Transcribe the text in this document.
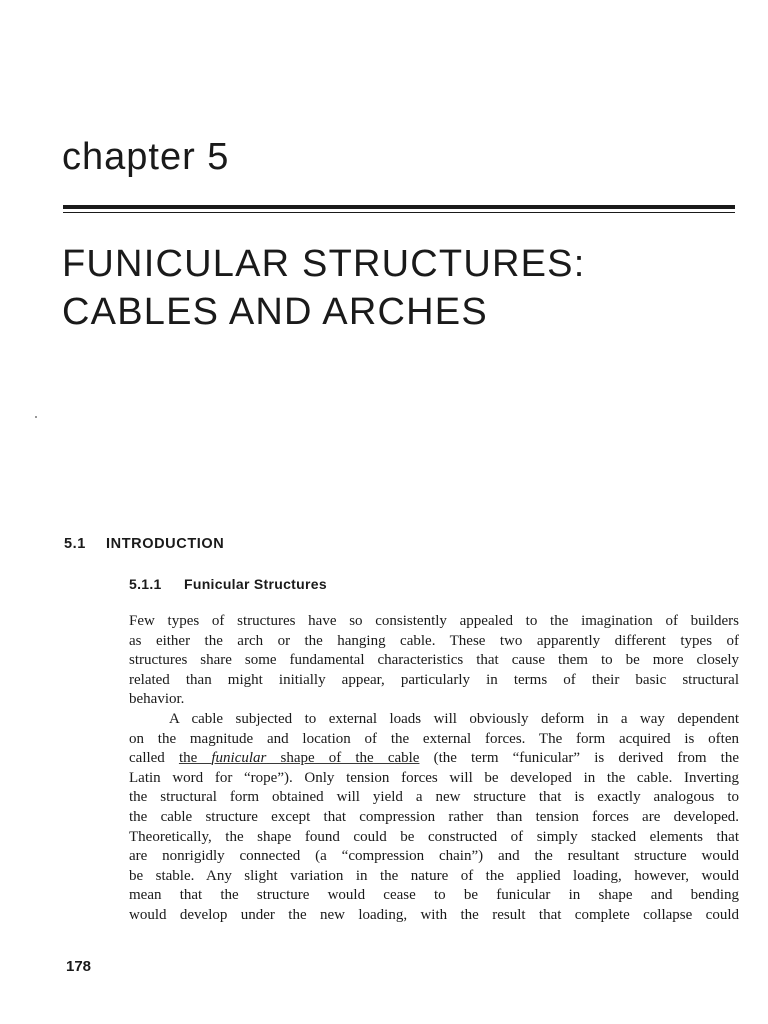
chapter 5
FUNICULAR STRUCTURES:
CABLES AND ARCHES
5.1 INTRODUCTION
5.1.1 Funicular Structures
Few types of structures have so consistently appealed to the imagination of builders
as either the arch or the hanging cable. These two apparently different types of
structures share some fundamental characteristics that cause them to be more closely
related than might initially appear, particularly in terms of their basic structural
behavior.
A cable subjected to external loads will obviously deform in a way dependent
on the magnitude and location of the external forces. The form acquired is often
called the funicular shape of the cable (the term “funicular” is derived from the
Latin word for “rope”). Only tension forces will be developed in the cable. Inverting
the structural form obtained will yield a new structure that is exactly analogous to
the cable structure except that compression rather than tension forces are developed.
Theoretically, the shape found could be constructed of simply stacked elements that
are nonrigidly connected (a “compression chain”) and the resultant structure would
be stable. Any slight variation in the nature of the applied loading, however, would
mean that the structure would cease to be funicular in shape and bending
would develop under the new loading, with the result that complete collapse could
178
